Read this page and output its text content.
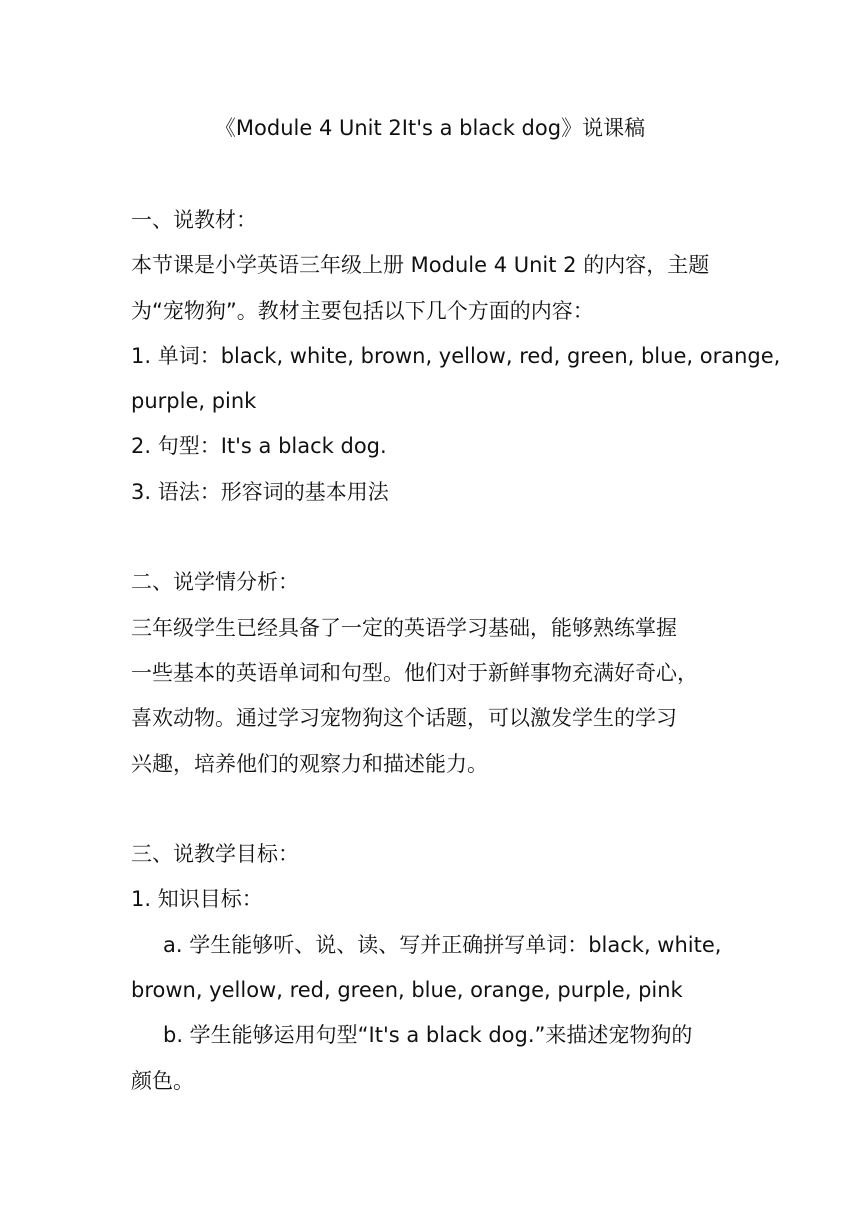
《Module 4 Unit 2It's a black dog》说课稿
一、说教材：
本节课是小学英语三年级上册 Module 4 Unit 2 的内容，主题
为“宠物狗”。教材主要包括以下几个方面的内容：
1. 单词：black, white, brown, yellow, red, green, blue, orange,
purple, pink
2. 句型：It's a black dog.
3. 语法：形容词的基本用法
二、说学情分析：
三年级学生已经具备了一定的英语学习基础，能够熟练掌握
一些基本的英语单词和句型。他们对于新鲜事物充满好奇心，
喜欢动物。通过学习宠物狗这个话题，可以激发学生的学习
兴趣，培养他们的观察力和描述能力。
三、说教学目标：
1. 知识目标：
a. 学生能够听、说、读、写并正确拼写单词：black, white,
brown, yellow, red, green, blue, orange, purple, pink
b. 学生能够运用句型“It's a black dog.”来描述宠物狗的
颜色。
